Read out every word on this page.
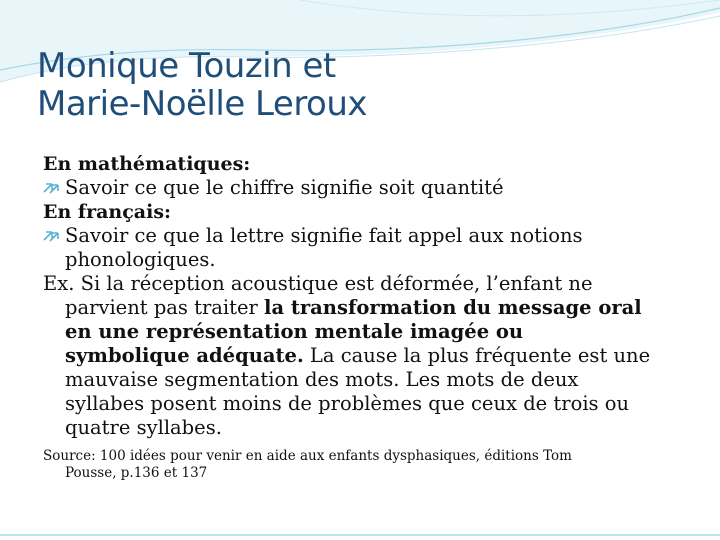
Monique Touzin et
Marie-Noëlle Leroux
En mathématiques:
Savoir ce que le chiffre signifie soit quantité
En français:
Savoir ce que la lettre signifie fait appel aux notions
phonologiques.
Ex. Si la réception acoustique est déformée, l’enfant ne
parvient pas traiter la transformation du message oral
en une représentation mentale imagée ou
symbolique adéquate. La cause la plus fréquente est une
mauvaise segmentation des mots. Les mots de deux
syllabes posent moins de problèmes que ceux de trois ou
quatre syllabes.
Source: 100 idées pour venir en aide aux enfants dysphasiques, éditions Tom
Pousse, p.136 et 137
